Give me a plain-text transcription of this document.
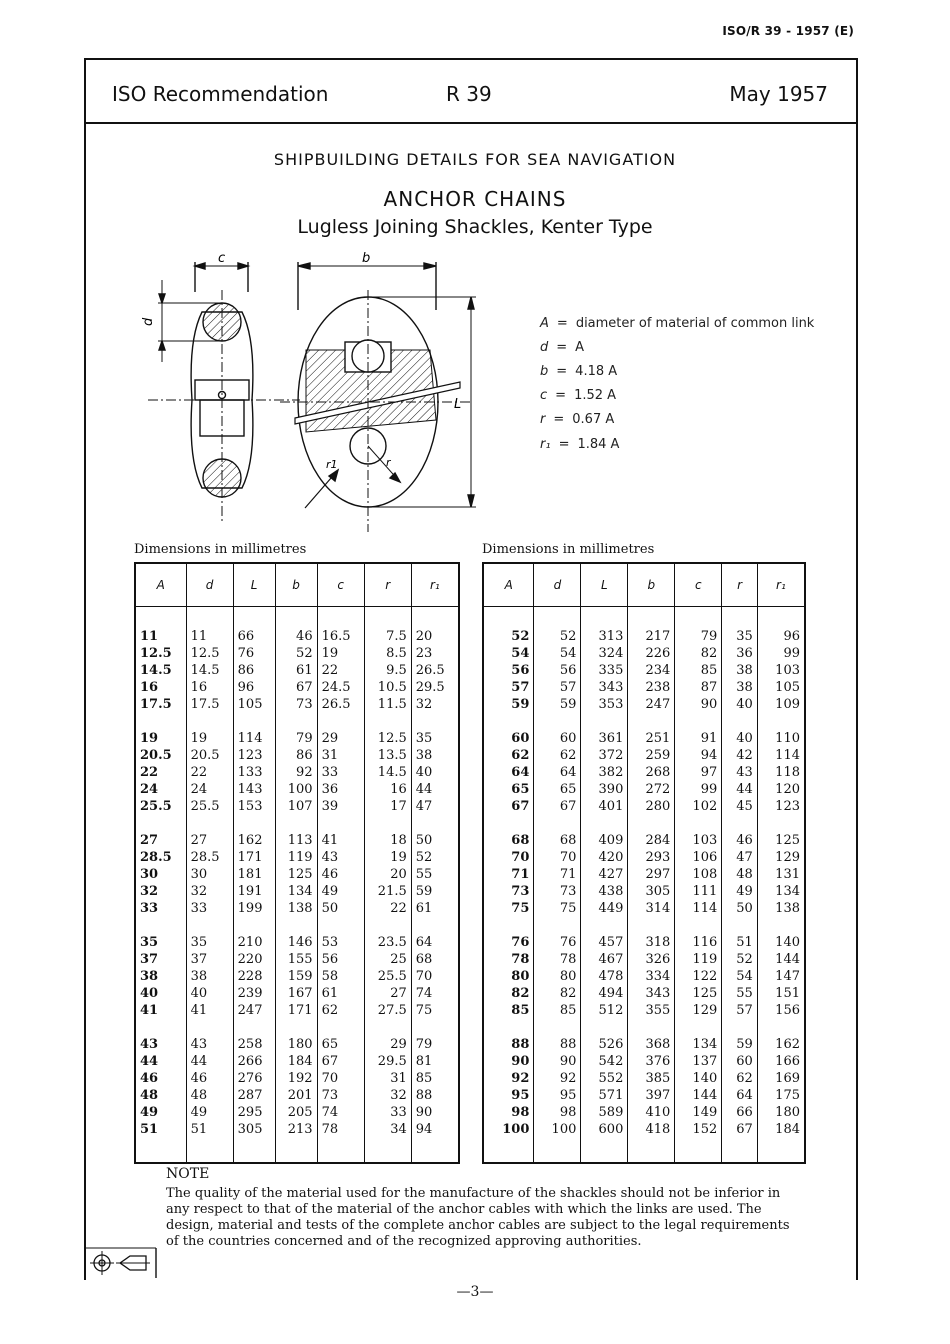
ISO/R 39 - 1957 (E)
ISO Recommendation	R 39	May 1957
SHIPBUILDING DETAILS FOR SEA NAVIGATION
ANCHOR CHAINS
Lugless Joining Shackles, Kenter Type
c	b
d
L
r
r1
A = diameter of material of common link
d = A
b = 4.18 A
c = 1.52 A
r = 0.67 A
r₁ = 1.84 A
Dimensions in millimetres	Dimensions in millimetres
A	d	L	b	c	r	r₁

11	11	66	46	16.5	7.5	20
12.5	12.5	76	52	19	8.5	23
14.5	14.5	86	61	22	9.5	26.5
16	16	96	67	24.5	10.5	29.5
17.5	17.5	105	73	26.5	11.5	32

19	19	114	79	29	12.5	35
20.5	20.5	123	86	31	13.5	38
22	22	133	92	33	14.5	40
24	24	143	100	36	16	44
25.5	25.5	153	107	39	17	47

27	27	162	113	41	18	50
28.5	28.5	171	119	43	19	52
30	30	181	125	46	20	55
32	32	191	134	49	21.5	59
33	33	199	138	50	22	61

35	35	210	146	53	23.5	64
37	37	220	155	56	25	68
38	38	228	159	58	25.5	70
40	40	239	167	61	27	74
41	41	247	171	62	27.5	75

43	43	258	180	65	29	79
44	44	266	184	67	29.5	81
46	46	276	192	70	31	85
48	48	287	201	73	32	88
49	49	295	205	74	33	90
51	51	305	213	78	34	94

A	d	L	b	c	r	r₁

52	52	313	217	79	35	96
54	54	324	226	82	36	99
56	56	335	234	85	38	103
57	57	343	238	87	38	105
59	59	353	247	90	40	109

60	60	361	251	91	40	110
62	62	372	259	94	42	114
64	64	382	268	97	43	118
65	65	390	272	99	44	120
67	67	401	280	102	45	123

68	68	409	284	103	46	125
70	70	420	293	106	47	129
71	71	427	297	108	48	131
73	73	438	305	111	49	134
75	75	449	314	114	50	138

76	76	457	318	116	51	140
78	78	467	326	119	52	144
80	80	478	334	122	54	147
82	82	494	343	125	55	151
85	85	512	355	129	57	156

88	88	526	368	134	59	162
90	90	542	376	137	60	166
92	92	552	385	140	62	169
95	95	571	397	144	64	175
98	98	589	410	149	66	180
100	100	600	418	152	67	184

NOTE
The quality of the material used for the manufacture of the shackles should not be inferior in any respect to that of the material of the anchor cables with which the links are used. The design, material and tests of the complete anchor cables are subject to the legal requirements of the countries concerned and of the recognized approving authorities.
—3—
